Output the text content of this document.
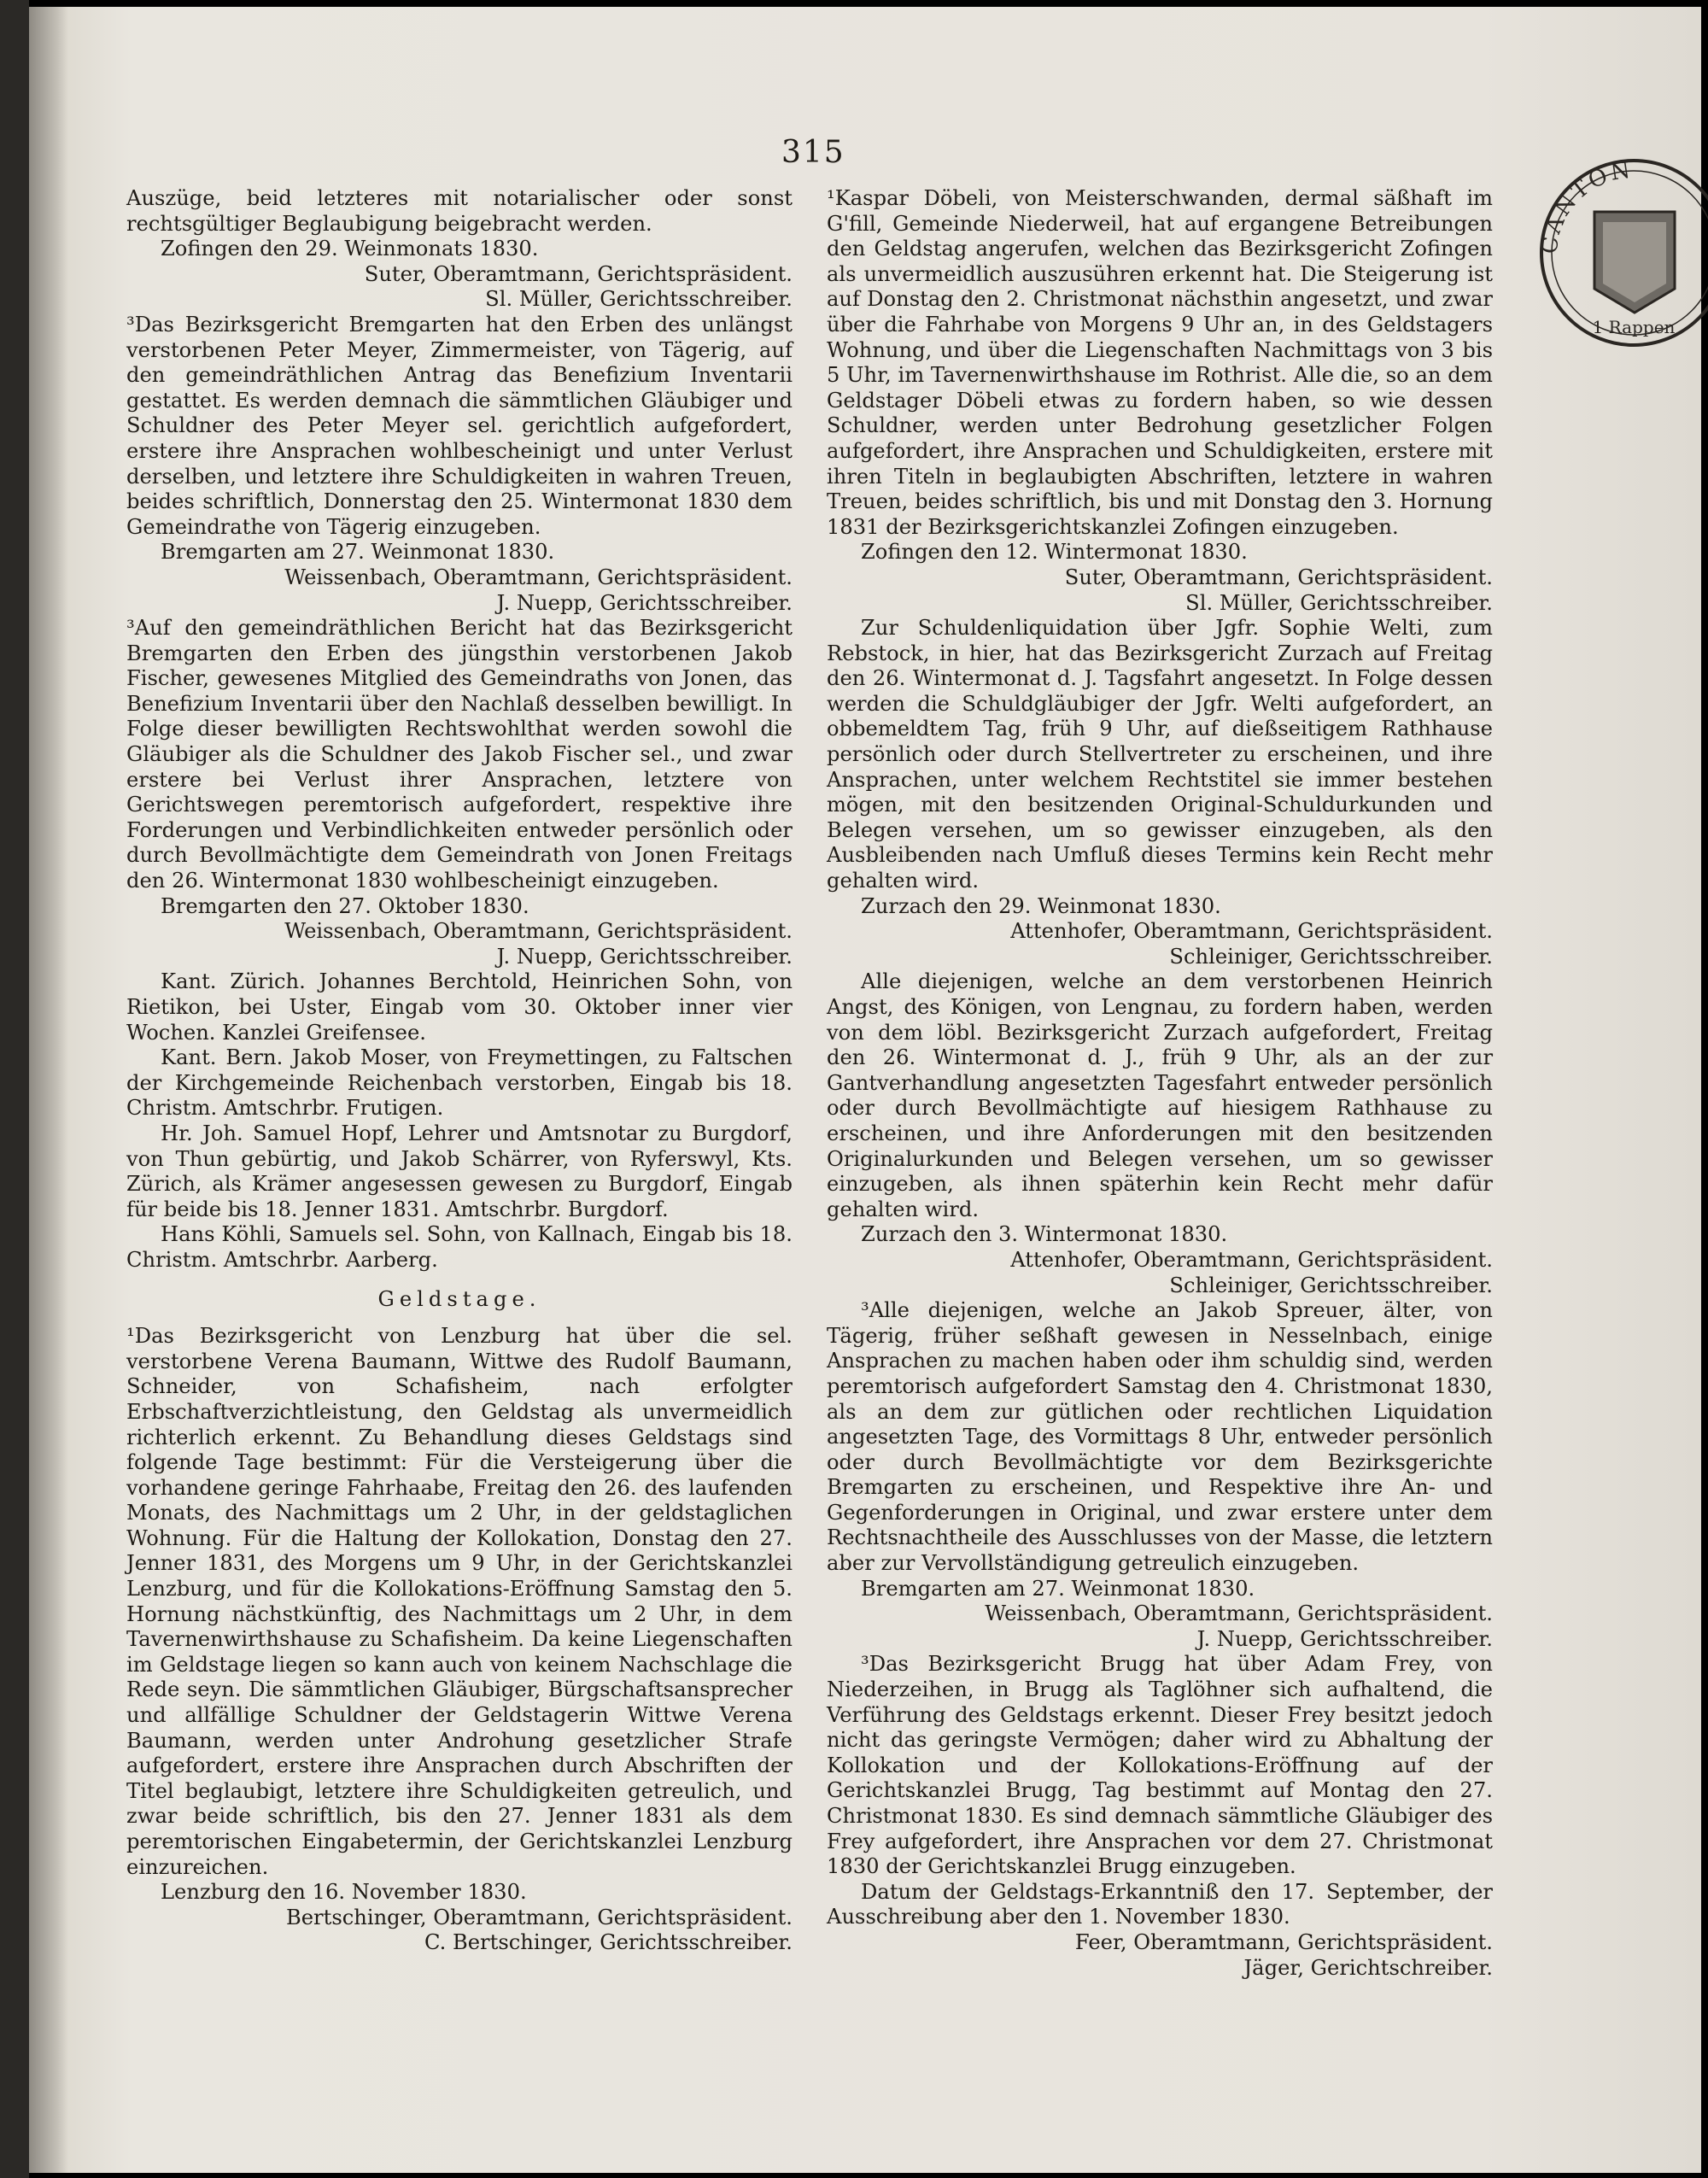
315

Auszüge, beid letzteres mit notarialischer oder sonst rechtsgültiger Beglaubigung beigebracht werden.

Zofingen den 29. Weinmonats 1830.

Suter, Oberamtmann, Gerichtspräsident.

Sl. Müller, Gerichtsschreiber.

³Das Bezirksgericht Bremgarten hat den Erben des unlängst verstorbenen Peter Meyer, Zimmermeister, von Tägerig, auf den gemeindräthlichen Antrag das Benefizium Inventarii gestattet. Es werden demnach die sämmtlichen Gläubiger und Schuldner des Peter Meyer sel. gerichtlich aufgefordert, erstere ihre Ansprachen wohlbescheinigt und unter Verlust derselben, und letztere ihre Schuldigkeiten in wahren Treuen, beides schriftlich, Donnerstag den 25. Wintermonat 1830 dem Gemeindrathe von Tägerig einzugeben.

Bremgarten am 27. Weinmonat 1830.

Weissenbach, Oberamtmann, Gerichtspräsident.

J. Nuepp, Gerichtsschreiber.

³Auf den gemeindräthlichen Bericht hat das Bezirksgericht Bremgarten den Erben des jüngsthin verstorbenen Jakob Fischer, gewesenes Mitglied des Gemeindraths von Jonen, das Benefizium Inventarii über den Nachlaß desselben bewilligt. In Folge dieser bewilligten Rechtswohlthat werden sowohl die Gläubiger als die Schuldner des Jakob Fischer sel., und zwar erstere bei Verlust ihrer Ansprachen, letztere von Gerichtswegen peremtorisch aufgefordert, respektive ihre Forderungen und Verbindlichkeiten entweder persönlich oder durch Bevollmächtigte dem Gemeindrath von Jonen Freitags den 26. Wintermonat 1830 wohlbescheinigt einzugeben.

Bremgarten den 27. Oktober 1830.

Weissenbach, Oberamtmann, Gerichtspräsident.

J. Nuepp, Gerichtsschreiber.

Kant. Zürich. Johannes Berchtold, Heinrichen Sohn, von Rietikon, bei Uster, Eingab vom 30. Oktober inner vier Wochen. Kanzlei Greifensee.

Kant. Bern. Jakob Moser, von Freymettingen, zu Faltschen der Kirchgemeinde Reichenbach verstorben, Eingab bis 18. Christm. Amtschrbr. Frutigen.

Hr. Joh. Samuel Hopf, Lehrer und Amtsnotar zu Burgdorf, von Thun gebürtig, und Jakob Schärrer, von Ryferswyl, Kts. Zürich, als Krämer angesessen gewesen zu Burgdorf, Eingab für beide bis 18. Jenner 1831. Amtschrbr. Burgdorf.

Hans Köhli, Samuels sel. Sohn, von Kallnach, Eingab bis 18. Christm. Amtschrbr. Aarberg.

Geldstage.

¹Das Bezirksgericht von Lenzburg hat über die sel. verstorbene Verena Baumann, Wittwe des Rudolf Baumann, Schneider, von Schafisheim, nach erfolgter Erbschaftverzichtleistung, den Geldstag als unvermeidlich richterlich erkennt. Zu Behandlung dieses Geldstags sind folgende Tage bestimmt: Für die Versteigerung über die vorhandene geringe Fahrhaabe, Freitag den 26. des laufenden Monats, des Nachmittags um 2 Uhr, in der geldstaglichen Wohnung. Für die Haltung der Kollokation, Donstag den 27. Jenner 1831, des Morgens um 9 Uhr, in der Gerichtskanzlei Lenzburg, und für die Kollokations-Eröffnung Samstag den 5. Hornung nächstkünftig, des Nachmittags um 2 Uhr, in dem Tavernenwirthshause zu Schafisheim. Da keine Liegenschaften im Geldstage liegen so kann auch von keinem Nachschlage die Rede seyn. Die sämmtlichen Gläubiger, Bürgschaftsansprecher und allfällige Schuldner der Geldstagerin Wittwe Verena Baumann, werden unter Androhung gesetzlicher Strafe aufgefordert, erstere ihre Ansprachen durch Abschriften der Titel beglaubigt, letztere ihre Schuldigkeiten getreulich, und zwar beide schriftlich, bis den 27. Jenner 1831 als dem peremtorischen Eingabetermin, der Gerichtskanzlei Lenzburg einzureichen.

Lenzburg den 16. November 1830.

Bertschinger, Oberamtmann, Gerichtspräsident.

C. Bertschinger, Gerichtsschreiber.

¹Kaspar Döbeli, von Meisterschwanden, dermal säßhaft im G'fill, Gemeinde Niederweil, hat auf ergangene Betreibungen den Geldstag angerufen, welchen das Bezirksgericht Zofingen als unvermeidlich auszusühren erkennt hat. Die Steigerung ist auf Donstag den 2. Christmonat nächsthin angesetzt, und zwar über die Fahrhabe von Morgens 9 Uhr an, in des Geldstagers Wohnung, und über die Liegenschaften Nachmittags von 3 bis 5 Uhr, im Tavernenwirthshause im Rothrist. Alle die, so an dem Geldstager Döbeli etwas zu fordern haben, so wie dessen Schuldner, werden unter Bedrohung gesetzlicher Folgen aufgefordert, ihre Ansprachen und Schuldigkeiten, erstere mit ihren Titeln in beglaubigten Abschriften, letztere in wahren Treuen, beides schriftlich, bis und mit Donstag den 3. Hornung 1831 der Bezirksgerichtskanzlei Zofingen einzugeben.

Zofingen den 12. Wintermonat 1830.

Suter, Oberamtmann, Gerichtspräsident.

Sl. Müller, Gerichtsschreiber.

Zur Schuldenliquidation über Jgfr. Sophie Welti, zum Rebstock, in hier, hat das Bezirksgericht Zurzach auf Freitag den 26. Wintermonat d. J. Tagsfahrt angesetzt. In Folge dessen werden die Schuldgläubiger der Jgfr. Welti aufgefordert, an obbemeldtem Tag, früh 9 Uhr, auf dießseitigem Rathhause persönlich oder durch Stellvertreter zu erscheinen, und ihre Ansprachen, unter welchem Rechtstitel sie immer bestehen mögen, mit den besitzenden Original-Schuldurkunden und Belegen versehen, um so gewisser einzugeben, als den Ausbleibenden nach Umfluß dieses Termins kein Recht mehr gehalten wird.

Zurzach den 29. Weinmonat 1830.

Attenhofer, Oberamtmann, Gerichtspräsident.

Schleiniger, Gerichtsschreiber.

Alle diejenigen, welche an dem verstorbenen Heinrich Angst, des Königen, von Lengnau, zu fordern haben, werden von dem löbl. Bezirksgericht Zurzach aufgefordert, Freitag den 26. Wintermonat d. J., früh 9 Uhr, als an der zur Gantverhandlung angesetzten Tagesfahrt entweder persönlich oder durch Bevollmächtigte auf hiesigem Rathhause zu erscheinen, und ihre Anforderungen mit den besitzenden Originalurkunden und Belegen versehen, um so gewisser einzugeben, als ihnen späterhin kein Recht mehr dafür gehalten wird.

Zurzach den 3. Wintermonat 1830.

Attenhofer, Oberamtmann, Gerichtspräsident.

Schleiniger, Gerichtsschreiber.

³Alle diejenigen, welche an Jakob Spreuer, älter, von Tägerig, früher seßhaft gewesen in Nesselnbach, einige Ansprachen zu machen haben oder ihm schuldig sind, werden peremtorisch aufgefordert Samstag den 4. Christmonat 1830, als an dem zur gütlichen oder rechtlichen Liquidation angesetzten Tage, des Vormittags 8 Uhr, entweder persönlich oder durch Bevollmächtigte vor dem Bezirksgerichte Bremgarten zu erscheinen, und Respektive ihre An- und Gegenforderungen in Original, und zwar erstere unter dem Rechtsnachtheile des Ausschlusses von der Masse, die letztern aber zur Vervollständigung getreulich einzugeben.

Bremgarten am 27. Weinmonat 1830.

Weissenbach, Oberamtmann, Gerichtspräsident.

J. Nuepp, Gerichtsschreiber.

³Das Bezirksgericht Brugg hat über Adam Frey, von Niederzeihen, in Brugg als Taglöhner sich aufhaltend, die Verführung des Geldstags erkennt. Dieser Frey besitzt jedoch nicht das geringste Vermögen; daher wird zu Abhaltung der Kollokation und der Kollokations-Eröffnung auf der Gerichtskanzlei Brugg, Tag bestimmt auf Montag den 27. Christmonat 1830. Es sind demnach sämmtliche Gläubiger des Frey aufgefordert, ihre Ansprachen vor dem 27. Christmonat 1830 der Gerichtskanzlei Brugg einzugeben.

Datum der Geldstags-Erkanntniß den 17. September, der Ausschreibung aber den 1. November 1830.

Feer, Oberamtmann, Gerichtspräsident.

Jäger, Gerichtschreiber.

CANTON
1 Rappen
